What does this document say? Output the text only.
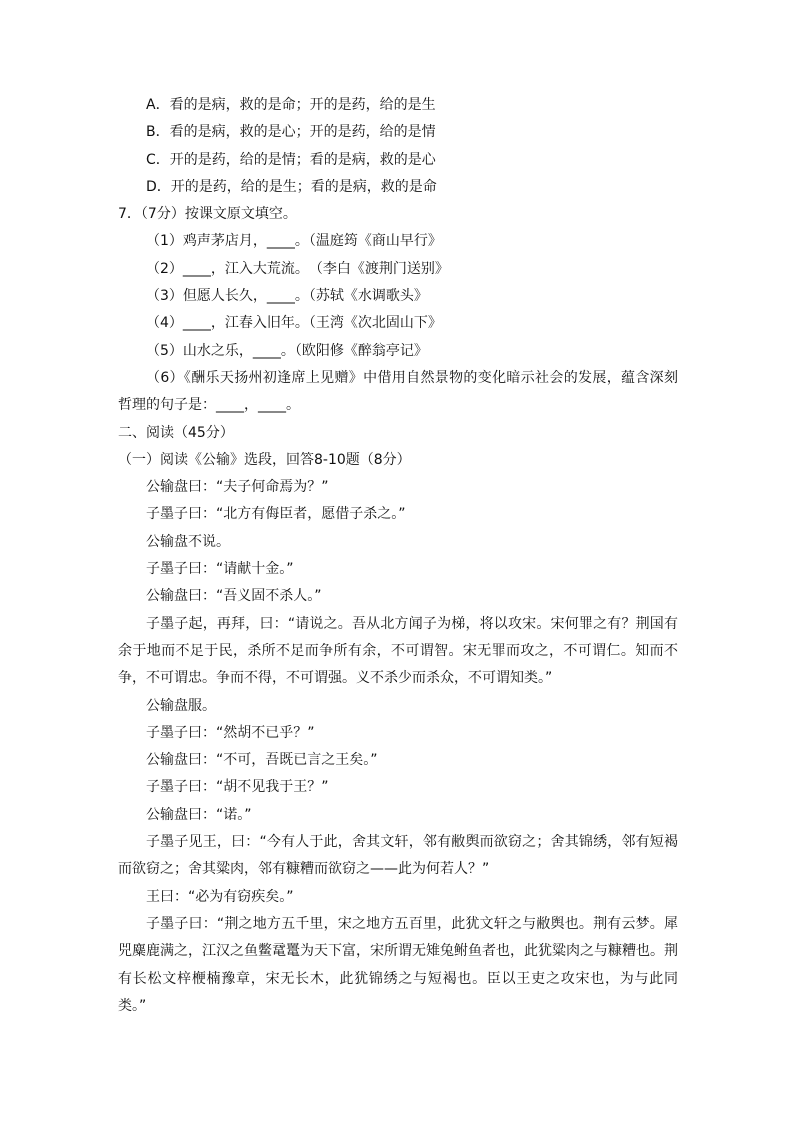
A．看的是病，救的是命；开的是药，给的是生
B．看的是病，救的是心；开的是药，给的是情
C．开的是药，给的是情；看的是病，救的是心
D．开的是药，给的是生；看的是病，救的是命
7．（7分）按课文原文填空。
（1）鸡声茅店月，____。（温庭筠《商山早行》
（2）____，江入大荒流。　（李白《渡荆门送别》
（3）但愿人长久，____。（苏轼《水调歌头》
（4）____，江春入旧年。（王湾《次北固山下》
（5）山水之乐，____。（欧阳修《醉翁亭记》
（6）《酬乐天扬州初逢席上见赠》中借用自然景物的变化暗示社会的发展，蕴含深刻哲理的句子是：____，____。
二、阅读（45分）
（一）阅读《公输》选段，回答8-10题（8分）
公输盘曰：“夫子何命焉为？”
子墨子曰：“北方有侮臣者，愿借子杀之。”
公输盘不说。
子墨子曰：“请献十金。”
公输盘曰：“吾义固不杀人。”
子墨子起，再拜，曰：“请说之。吾从北方闻子为梯，将以攻宋。宋何罪之有？荆国有余于地而不足于民，杀所不足而争所有余，不可谓智。宋无罪而攻之，不可谓仁。知而不争，不可谓忠。争而不得，不可谓强。义不杀少而杀众，不可谓知类。”
公输盘服。
子墨子曰：“然胡不已乎？”
公输盘曰：“不可，吾既已言之王矣。”
子墨子曰：“胡不见我于王？”
公输盘曰：“诺。”
子墨子见王，曰：“今有人于此，舍其文轩，邻有敝舆而欲窃之；舍其锦绣，邻有短褐而欲窃之；舍其粱肉，邻有糠糟而欲窃之——此为何若人？”
王曰：“必为有窃疾矣。”
子墨子曰：“荆之地方五千里，宋之地方五百里，此犹文轩之与敝舆也。荆有云梦。犀兕麋鹿满之，江汉之鱼鳖鼋鼍为天下富，宋所谓无雉兔鲋鱼者也，此犹粱肉之与糠糟也。荆有长松文梓楩楠豫章，宋无长木，此犹锦绣之与短褐也。臣以王吏之攻宋也，为与此同类。”
